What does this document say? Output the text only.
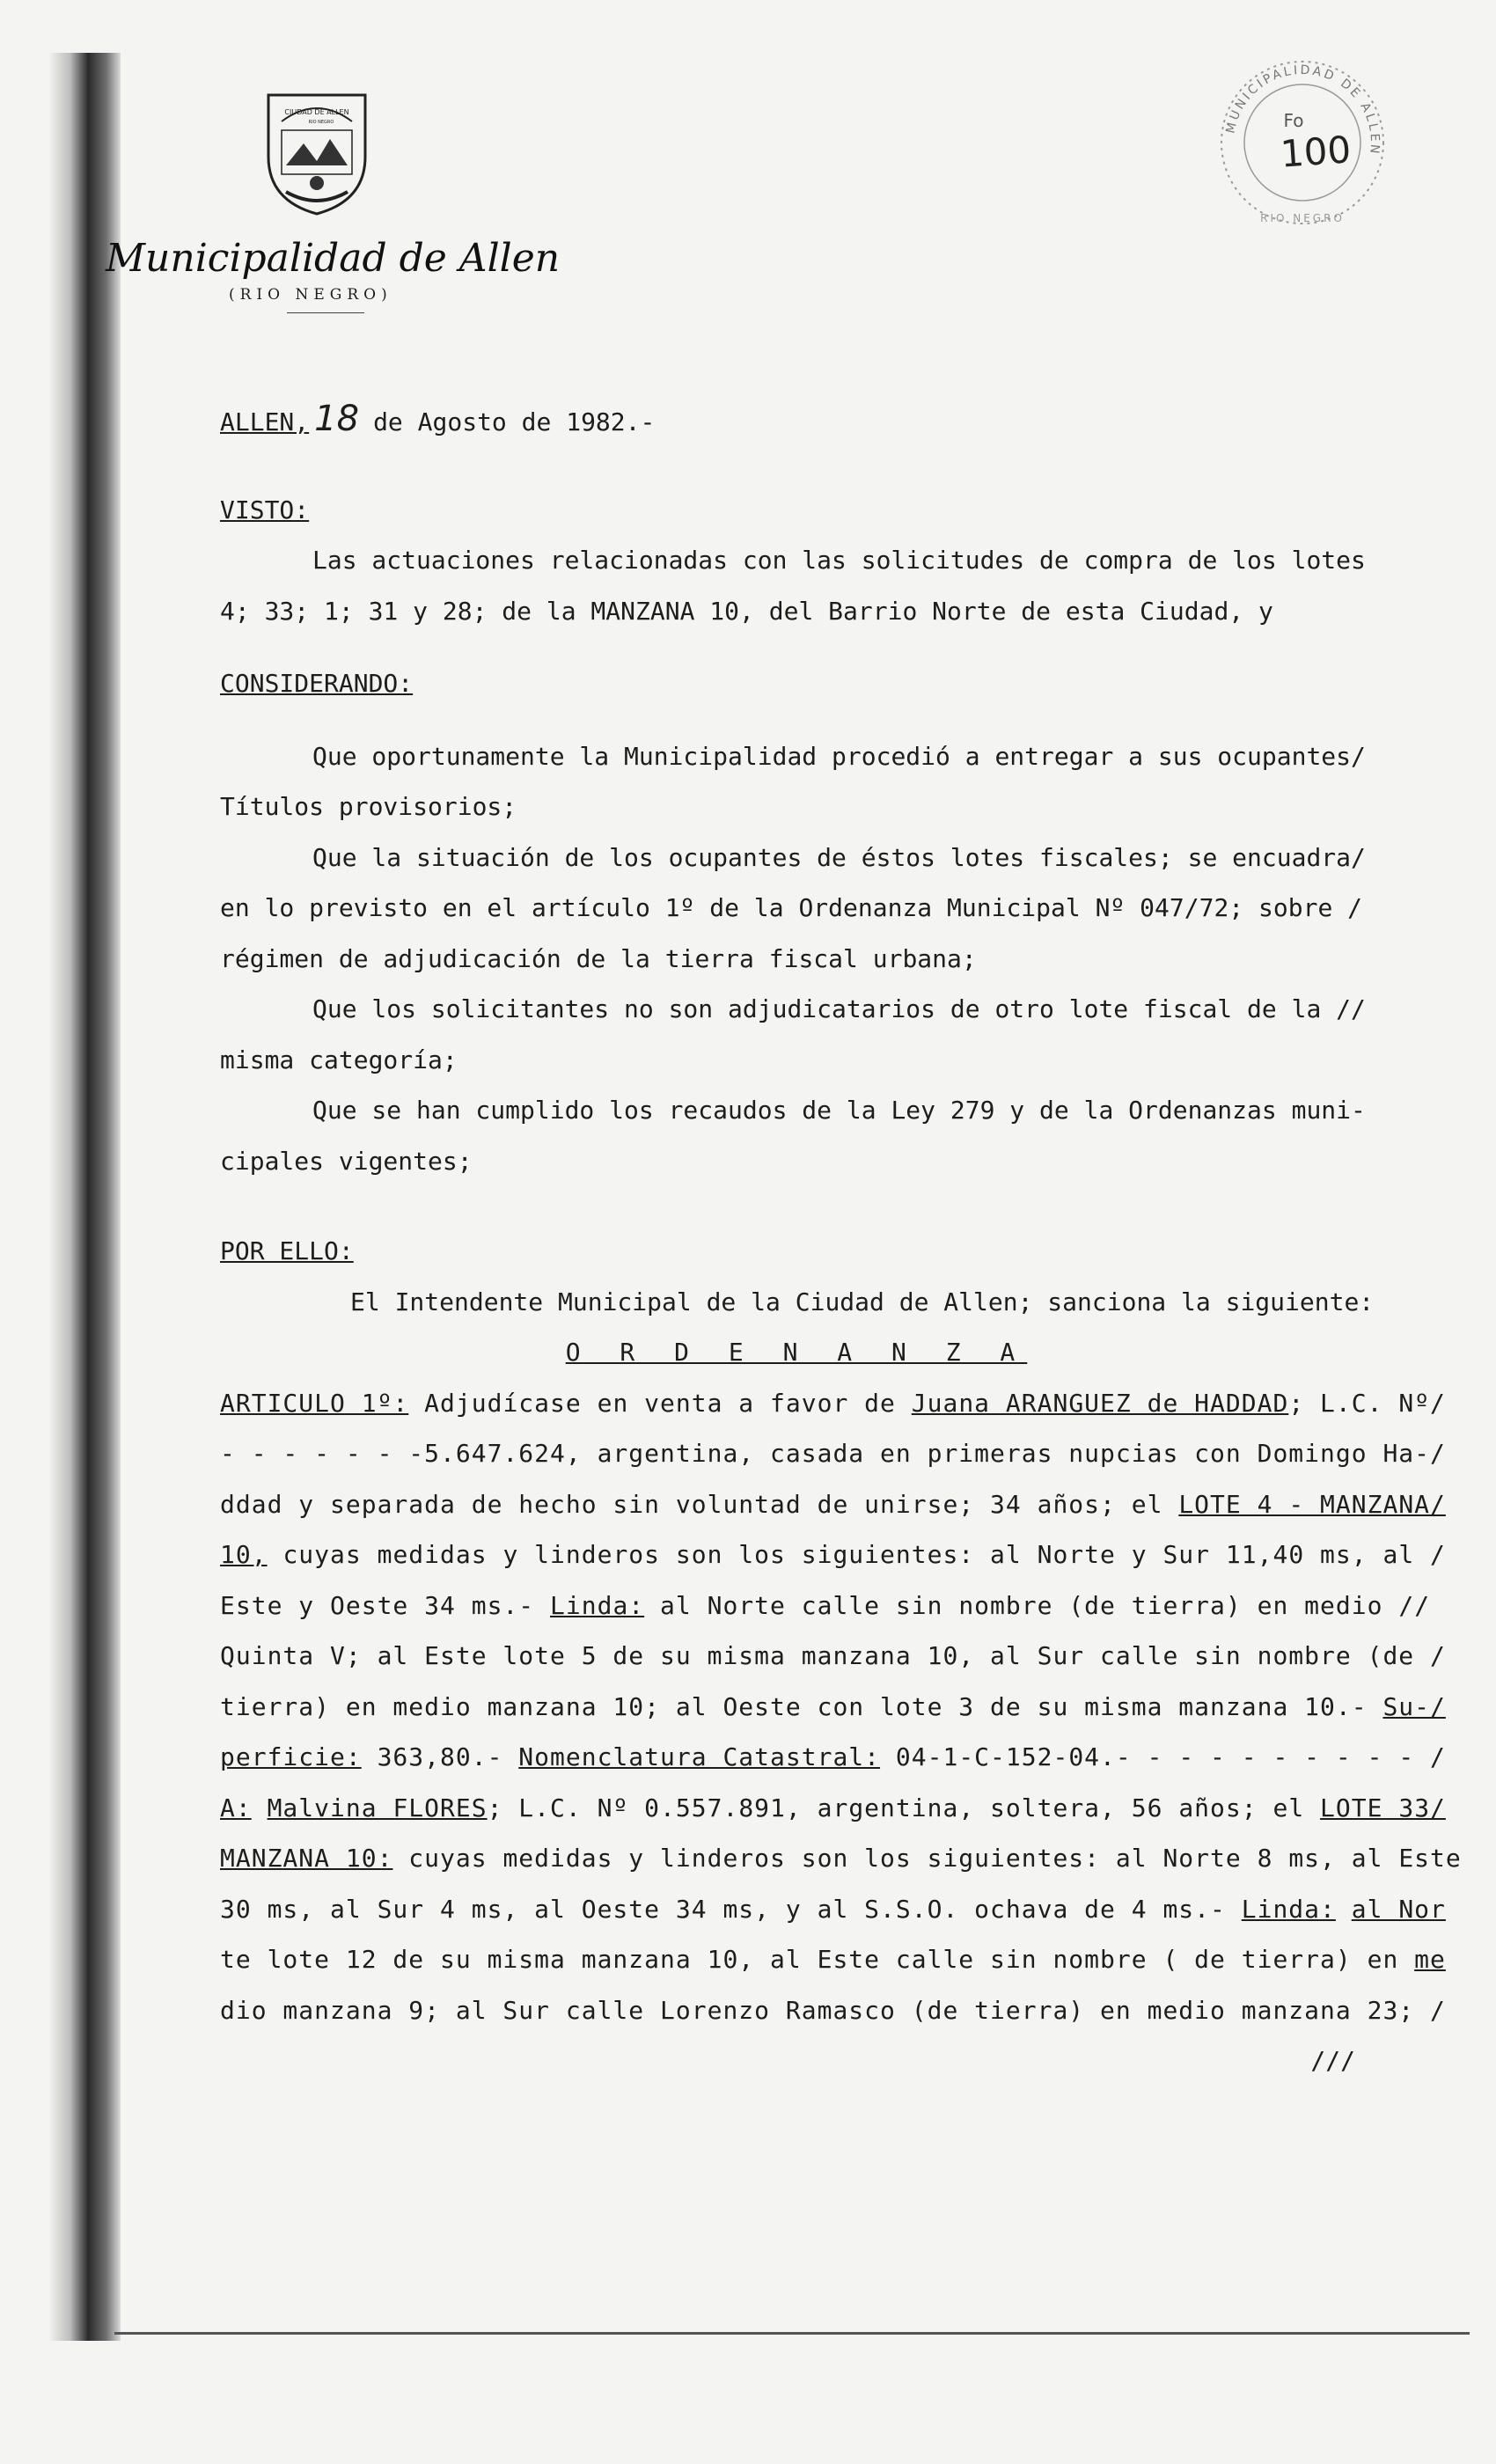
CIUDAD DE ALLEN
RIO NEGRO
Municipalidad de Allen
(RIO NEGRO)
MUNICIPALIDAD DE ALLEN
RIO NEGRO
Fo
100
ALLEN, 18 de Agosto de 1982.-
VISTO:
Las actuaciones relacionadas con las solicitudes de compra de los lotes
4; 33; 1; 31 y 28; de la MANZANA 10, del Barrio Norte de esta Ciudad, y
CONSIDERANDO:
Que oportunamente la Municipalidad procedió a entregar a sus ocupantes/
Títulos provisorios;
Que la situación de los ocupantes de éstos lotes fiscales; se encuadra/
en lo previsto en el artículo 1º de la Ordenanza Municipal Nº 047/72; sobre /
régimen de adjudicación de la tierra fiscal urbana;
Que los solicitantes no son adjudicatarios de otro lote fiscal de la //
misma categoría;
Que se han cumplido los recaudos de la Ley 279 y de la Ordenanzas muni-
cipales vigentes;
POR ELLO:
El Intendente Municipal de la Ciudad de Allen; sanciona la siguiente:
O R D E N A N Z A
ARTICULO 1º: Adjudícase en venta a favor de Juana ARANGUEZ de HADDAD; L.C. Nº/
- - - - - - -5.647.624, argentina, casada en primeras nupcias con Domingo Ha-/
ddad y separada de hecho sin voluntad de unirse; 34 años; el LOTE 4 - MANZANA/
10, cuyas medidas y linderos son los siguientes: al Norte y Sur 11,40 ms, al /
Este y Oeste 34 ms.- Linda: al Norte calle sin nombre (de tierra) en medio //
Quinta V; al Este lote 5 de su misma manzana 10, al Sur calle sin nombre (de /
tierra) en medio manzana 10; al Oeste con lote 3 de su misma manzana 10.- Su-/
perficie: 363,80.- Nomenclatura Catastral: 04-1-C-152-04.- - - - - - - - - - /
A: Malvina FLORES; L.C. Nº 0.557.891, argentina, soltera, 56 años; el LOTE 33/
MANZANA 10: cuyas medidas y linderos son los siguientes: al Norte 8 ms, al Este
30 ms, al Sur 4 ms, al Oeste 34 ms, y al S.S.O. ochava de 4 ms.- Linda: al Nor
te lote 12 de su misma manzana 10, al Este calle sin nombre ( de tierra) en me
dio manzana 9; al Sur calle Lorenzo Ramasco (de tierra) en medio manzana 23; /
///
